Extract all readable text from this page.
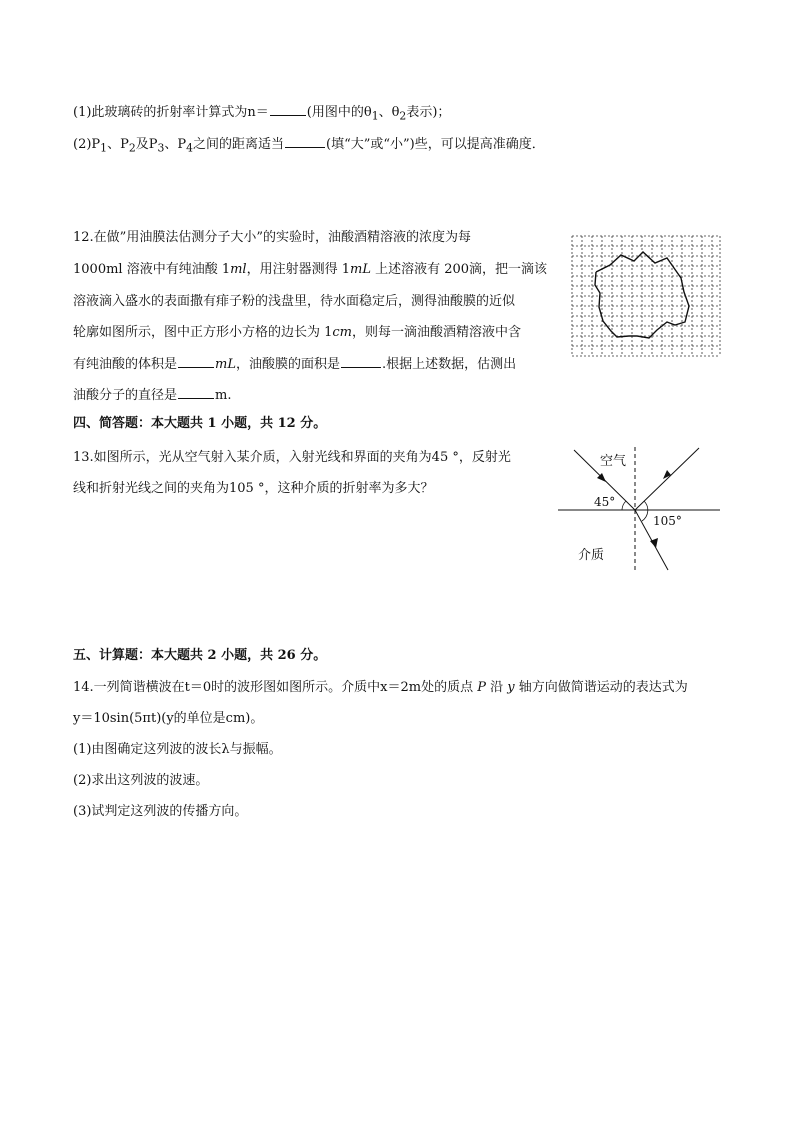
(1)此玻璃砖的折射率计算式为n＝	(用图中的$\theta_1$、$\theta_2$表示)；
$(2)P_1$、$P_2$及$P_3$、$P_4$之间的距离适当	(填“大”或“小”)些，可以提高准确度．
12.在做”用油膜法估测分子大小”的实验时，油酸酒精溶液的浓度为每
1000ml 溶液中有纯油酸 1ml，用注射器测得 1mL 上述溶液有 200滴，把一滴该
溶液滴入盛水的表面撒有痱子粉的浅盘里，待水面稳定后，测得油酸膜的近似
轮廓如图所示，图中正方形小方格的边长为 1cm，则每一滴油酸酒精溶液中含
有纯油酸的体积是	mL，油酸膜的面积是	.根据上述数据，估测出
油酸分子的直径是	m.
四、简答题：本大题共 1 小题，共 12 分。
13.如图所示，光从空气射入某介质，入射光线和界面的夹角为45 °，反射光
线和折射光线之间的夹角为105 °，这种介质的折射率为多大？
空气
45°
105°
介质
五、计算题：本大题共 2 小题，共 26 分。
14.一列简谐横波在t＝0时的波形图如图所示。介质中x＝2m处的质点 P 沿 y 轴方向做简谐运动的表达式为
y＝10sin(5πt)(y的单位是cm)。
(1)由图确定这列波的波长λ与振幅。
(2)求出这列波的波速。
(3)试判定这列波的传播方向。
